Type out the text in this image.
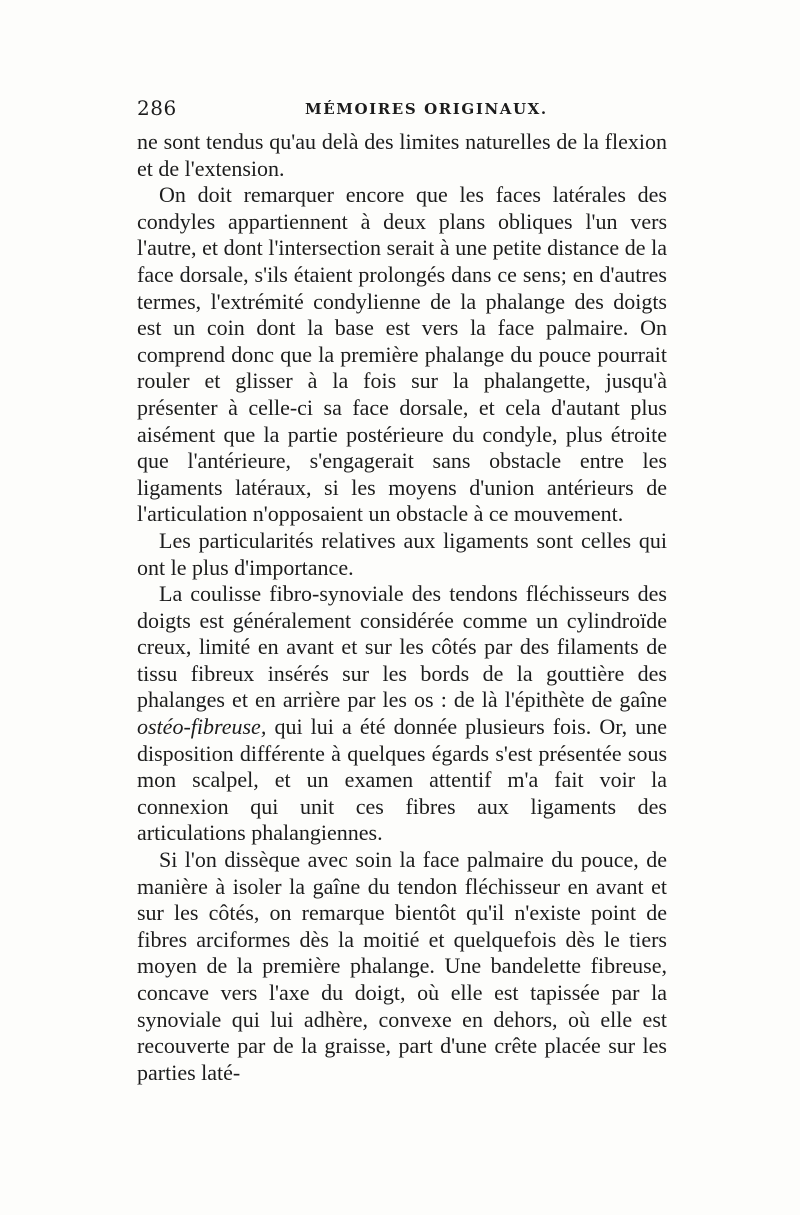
286	MÉMOIRES ORIGINAUX.

ne sont tendus qu'au delà des limites naturelles de la flexion et de l'extension.

On doit remarquer encore que les faces latérales des condyles appartiennent à deux plans obliques l'un vers l'autre, et dont l'intersection serait à une petite distance de la face dorsale, s'ils étaient prolongés dans ce sens; en d'autres termes, l'extrémité condylienne de la phalange des doigts est un coin dont la base est vers la face palmaire. On comprend donc que la première phalange du pouce pourrait rouler et glisser à la fois sur la phalangette, jusqu'à présenter à celle-ci sa face dorsale, et cela d'autant plus aisément que la partie postérieure du condyle, plus étroite que l'antérieure, s'engagerait sans obstacle entre les ligaments latéraux, si les moyens d'union antérieurs de l'articulation n'opposaient un obstacle à ce mouvement.

Les particularités relatives aux ligaments sont celles qui ont le plus d'importance.

La coulisse fibro-synoviale des tendons fléchisseurs des doigts est généralement considérée comme un cylindroïde creux, limité en avant et sur les côtés par des filaments de tissu fibreux insérés sur les bords de la gouttière des phalanges et en arrière par les os : de là l'épithète de gaîne ostéo-fibreuse, qui lui a été donnée plusieurs fois. Or, une disposition différente à quelques égards s'est présentée sous mon scalpel, et un examen attentif m'a fait voir la connexion qui unit ces fibres aux ligaments des articulations phalangiennes.

Si l'on dissèque avec soin la face palmaire du pouce, de manière à isoler la gaîne du tendon fléchisseur en avant et sur les côtés, on remarque bientôt qu'il n'existe point de fibres arciformes dès la moitié et quelquefois dès le tiers moyen de la première phalange. Une bandelette fibreuse, concave vers l'axe du doigt, où elle est tapissée par la synoviale qui lui adhère, convexe en dehors, où elle est recouverte par de la graisse, part d'une crête placée sur les parties laté-
